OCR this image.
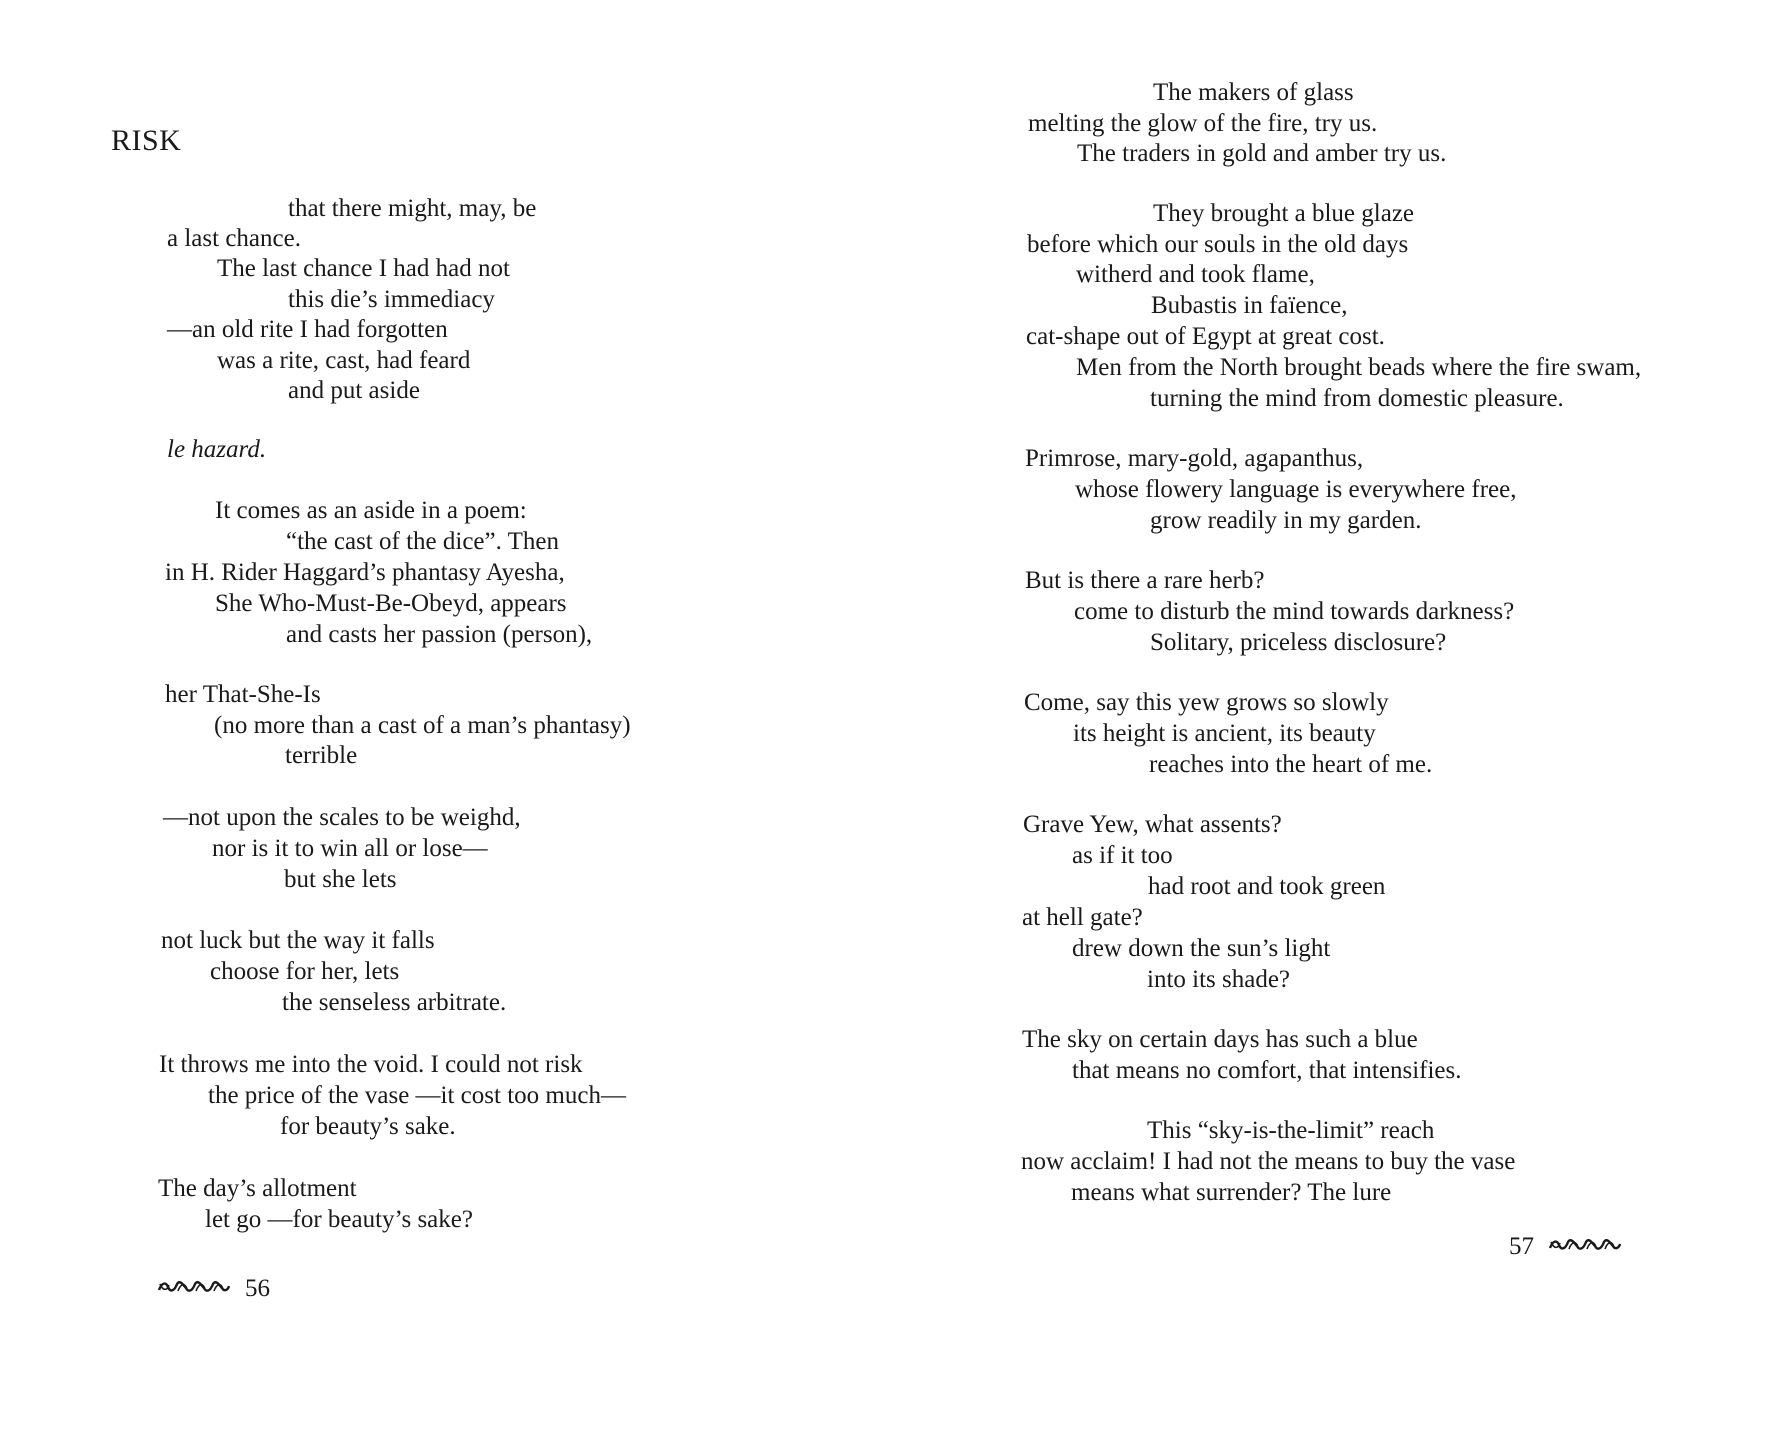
RISK
that there might, may, be
a last chance.
The last chance I had had not
this die’s immediacy
—an old rite I had forgotten
was a rite, cast, had feard
and put aside
le hazard.
It comes as an aside in a poem:
“the cast of the dice”. Then
in H. Rider Haggard’s phantasy Ayesha,
She Who-Must-Be-Obeyd, appears
and casts her passion (person),
her That-She-Is
(no more than a cast of a man’s phantasy)
terrible
—not upon the scales to be weighd,
nor is it to win all or lose—
but she lets
not luck but the way it falls
choose for her, lets
the senseless arbitrate.
It throws me into the void. I could not risk
the price of the vase —it cost too much—
for beauty’s sake.
The day’s allotment
let go —for beauty’s sake?
56
The makers of glass
melting the glow of the fire, try us.
The traders in gold and amber try us.
They brought a blue glaze
before which our souls in the old days
witherd and took flame,
Bubastis in faïence,
cat-shape out of Egypt at great cost.
Men from the North brought beads where the fire swam,
turning the mind from domestic pleasure.
Primrose, mary-gold, agapanthus,
whose flowery language is everywhere free,
grow readily in my garden.
But is there a rare herb?
come to disturb the mind towards darkness?
Solitary, priceless disclosure?
Come, say this yew grows so slowly
its height is ancient, its beauty
reaches into the heart of me.
Grave Yew, what assents?
as if it too
had root and took green
at hell gate?
drew down the sun’s light
into its shade?
The sky on certain days has such a blue
that means no comfort, that intensifies.
This “sky-is-the-limit” reach
now acclaim! I had not the means to buy the vase
means what surrender? The lure
57
